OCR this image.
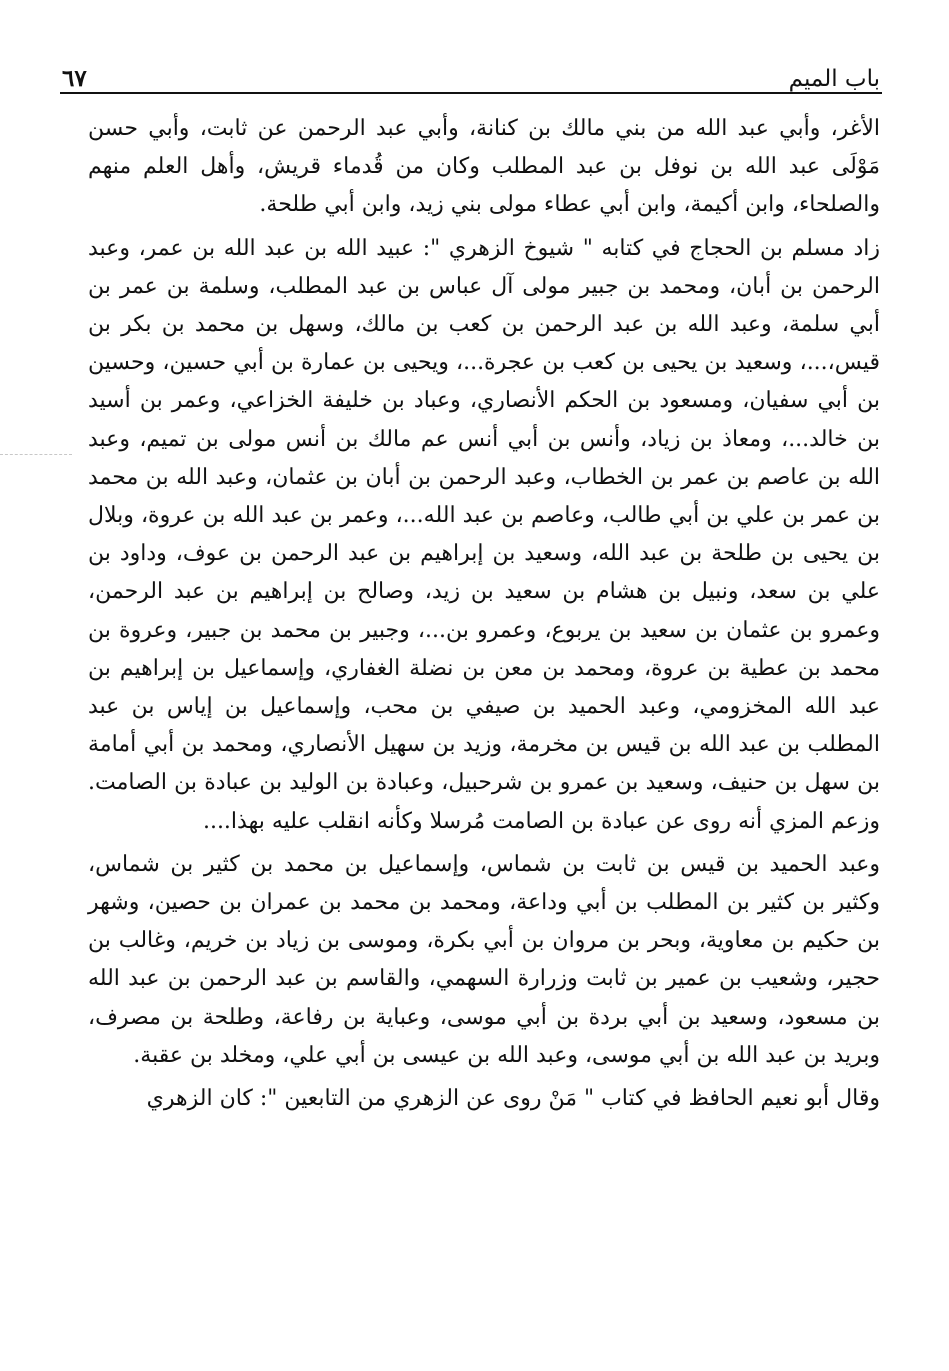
٦٧	باب الميم

الأغر، وأبي عبد الله من بني مالك بن كنانة، وأبي عبد الرحمن عن ثابت، وأبي حسن مَوْلَى عبد الله بن نوفل بن عبد المطلب وكان من قُدماء قريش، وأهل العلم منهم والصلحاء، وابن أكيمة، وابن أبي عطاء مولى بني زيد، وابن أبي طلحة.

زاد مسلم بن الحجاج في كتابه " شيوخ الزهري ": عبيد الله بن عبد الله بن عمر، وعبد الرحمن بن أبان، ومحمد بن جبير مولى آل عباس بن عبد المطلب، وسلمة بن عمر بن أبي سلمة، وعبد الله بن عبد الرحمن بن كعب بن مالك، وسهل بن محمد بن بكر بن قيس،...، وسعيد بن يحيى بن كعب بن عجرة...، ويحيى بن عمارة بن أبي حسين، وحسين بن أبي سفيان، ومسعود بن الحكم الأنصاري، وعباد بن خليفة الخزاعي، وعمر بن أسيد بن خالد...، ومعاذ بن زياد، وأنس بن أبي أنس عم مالك بن أنس مولى بن تميم، وعبد الله بن عاصم بن عمر بن الخطاب، وعبد الرحمن بن أبان بن عثمان، وعبد الله بن محمد بن عمر بن علي بن أبي طالب، وعاصم بن عبد الله...، وعمر بن عبد الله بن عروة، وبلال بن يحيى بن طلحة بن عبد الله، وسعيد بن إبراهيم بن عبد الرحمن بن عوف، وداود بن علي بن سعد، ونبيل بن هشام بن سعيد بن زيد، وصالح بن إبراهيم بن عبد الرحمن، وعمرو بن عثمان بن سعيد بن يربوع، وعمرو بن...، وجبير بن محمد بن جبير، وعروة بن محمد بن عطية بن عروة، ومحمد بن معن بن نضلة الغفاري، وإسماعيل بن إبراهيم بن عبد الله المخزومي، وعبد الحميد بن صيفي بن محب، وإسماعيل بن إياس بن عبد المطلب بن عبد الله بن قيس بن مخرمة، وزيد بن سهيل الأنصاري، ومحمد بن أبي أمامة بن سهل بن حنيف، وسعيد بن عمرو بن شرحبيل، وعبادة بن الوليد بن عبادة بن الصامت. وزعم المزي أنه روى عن عبادة بن الصامت مُرسلا وكأنه انقلب عليه بهذا....

وعبد الحميد بن قيس بن ثابت بن شماس، وإسماعيل بن محمد بن كثير بن شماس، وكثير بن كثير بن المطلب بن أبي وداعة، ومحمد بن محمد بن عمران بن حصين، وشهر بن حكيم بن معاوية، وبحر بن مروان بن أبي بكرة، وموسى بن زياد بن خريم، وغالب بن حجير، وشعيب بن عمير بن ثابت وزرارة السهمي، والقاسم بن عبد الرحمن بن عبد الله بن مسعود، وسعيد بن أبي بردة بن أبي موسى، وعباية بن رفاعة، وطلحة بن مصرف، وبريد بن عبد الله بن أبي موسى، وعبد الله بن عيسى بن أبي علي، ومخلد بن عقبة.

وقال أبو نعيم الحافظ في كتاب " مَنْ روى عن الزهري من التابعين ": كان الزهري
